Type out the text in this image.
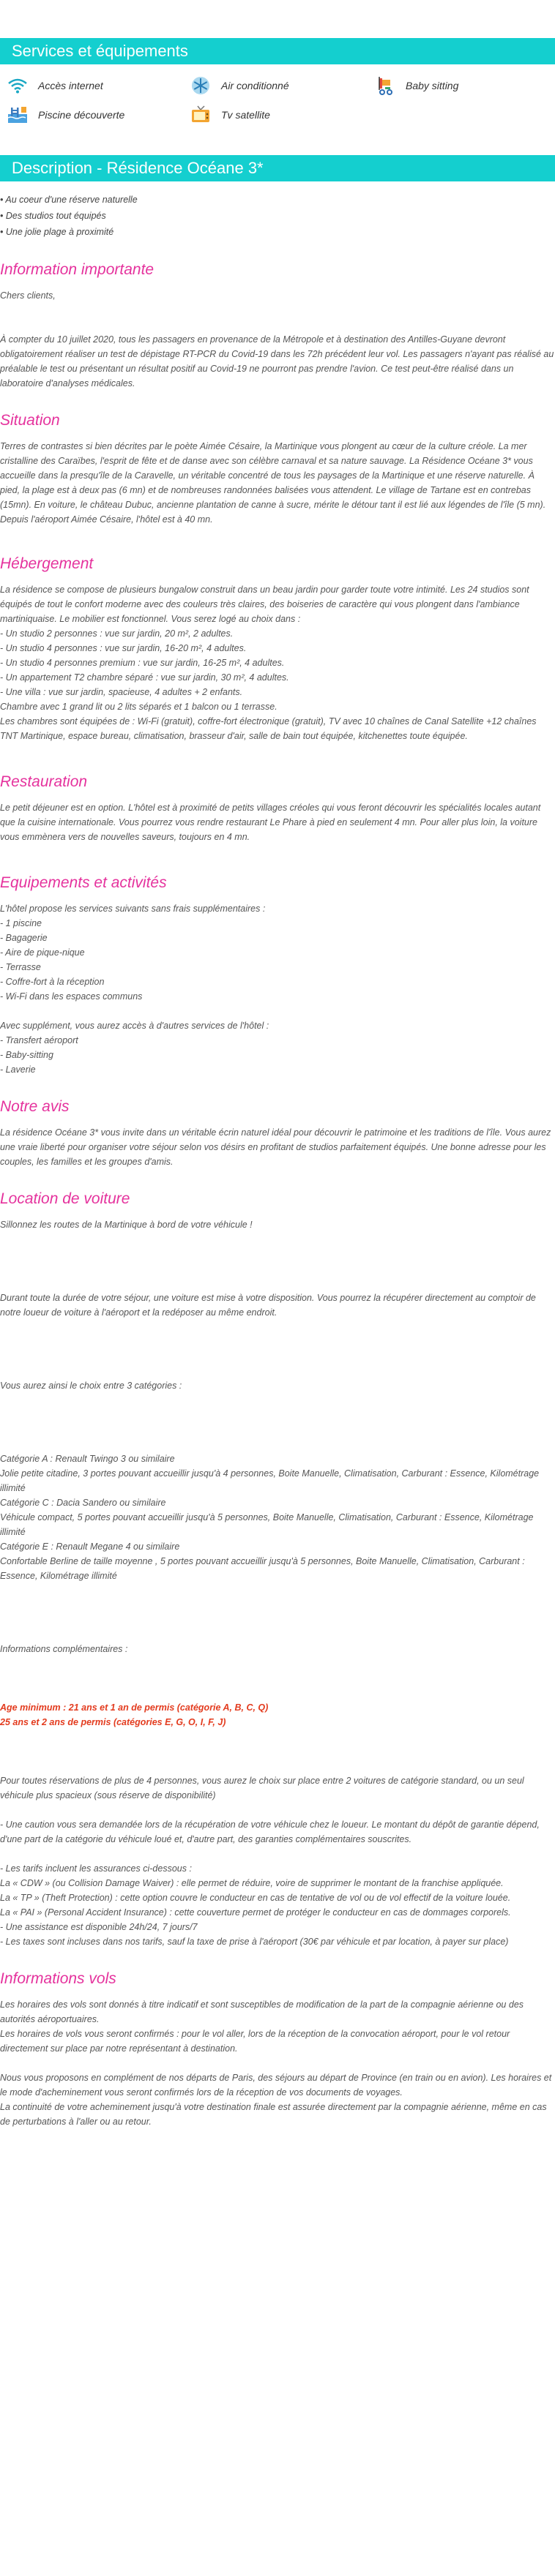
Services et équipements
Accès internet	Air conditionné	Baby sitting
Piscine découverte	Tv satellite
Description - Résidence Océane 3*
• Au coeur d'une réserve naturelle
• Des studios tout équipés
• Une jolie plage à proximité
Information importante
Chers clients,
À compter du 10 juillet 2020, tous les passagers en provenance de la Métropole et à destination des Antilles-Guyane devront obligatoirement réaliser un test de dépistage RT-PCR du Covid-19 dans les 72h précédent leur vol. Les passagers n'ayant pas réalisé au préalable le test ou présentant un résultat positif au Covid-19 ne pourront pas prendre l'avion. Ce test peut-être réalisé dans un laboratoire d'analyses médicales.
Situation
Terres de contrastes si bien décrites par le poète Aimée Césaire, la Martinique vous plongent au cœur de la culture créole. La mer cristalline des Caraïbes, l'esprit de fête et de danse avec son célèbre carnaval et sa nature sauvage. La Résidence Océane 3* vous accueille dans la presqu'île de la Caravelle, un véritable concentré de tous les paysages de la Martinique et une réserve naturelle. À pied, la plage est à deux pas (6 mn) et de nombreuses randonnées balisées vous attendent. Le village de Tartane est en contrebas (15mn). En voiture, le château Dubuc, ancienne plantation de canne à sucre, mérite le détour tant il est lié aux légendes de l'île (5 mn). Depuis l'aéroport Aimée Césaire, l'hôtel est à 40 mn.
Hébergement
La résidence se compose de plusieurs bungalow construit dans un beau jardin pour garder toute votre intimité. Les 24 studios sont équipés de tout le confort moderne avec des couleurs très claires, des boiseries de caractère qui vous plongent dans l'ambiance martiniquaise. Le mobilier est fonctionnel. Vous serez logé au choix dans :
- Un studio 2 personnes : vue sur jardin, 20 m², 2 adultes.
- Un studio 4 personnes : vue sur jardin, 16-20 m², 4 adultes.
- Un studio 4 personnes premium : vue sur jardin, 16-25 m², 4 adultes.
- Un appartement T2 chambre séparé : vue sur jardin, 30 m², 4 adultes.
- Une villa : vue sur jardin, spacieuse, 4 adultes + 2 enfants.
Chambre avec 1 grand lit ou 2 lits séparés et 1 balcon ou 1 terrasse.
Les chambres sont équipées de : Wi-Fi (gratuit), coffre-fort électronique (gratuit), TV avec 10 chaînes de Canal Satellite +12 chaînes TNT Martinique, espace bureau, climatisation, brasseur d'air, salle de bain tout équipée, kitchenettes toute équipée.
Restauration
Le petit déjeuner est en option. L'hôtel est à proximité de petits villages créoles qui vous feront découvrir les spécialités locales autant que la cuisine internationale. Vous pourrez vous rendre restaurant Le Phare à pied en seulement 4 mn. Pour aller plus loin, la voiture vous emmènera vers de nouvelles saveurs, toujours en 4 mn.
Equipements et activités
L'hôtel propose les services suivants sans frais supplémentaires :
- 1 piscine
- Bagagerie
- Aire de pique-nique
- Terrasse
- Coffre-fort à la réception
- Wi-Fi dans les espaces communs
Avec supplément, vous aurez accès à d'autres services de l'hôtel :
- Transfert aéroport
- Baby-sitting
- Laverie
Notre avis
La résidence Océane 3* vous invite dans un véritable écrin naturel idéal pour découvrir le patrimoine et les traditions de l'île. Vous aurez une vraie liberté pour organiser votre séjour selon vos désirs en profitant de studios parfaitement équipés. Une bonne adresse pour les couples, les familles et les groupes d'amis.
Location de voiture
Sillonnez les routes de la Martinique à bord de votre véhicule !
Durant toute la durée de votre séjour, une voiture est mise à votre disposition. Vous pourrez la récupérer directement au comptoir de notre loueur de voiture à l'aéroport et la redéposer au même endroit.
Vous aurez ainsi le choix entre 3 catégories :
Catégorie A : Renault Twingo 3 ou similaire
Jolie petite citadine, 3 portes pouvant accueillir jusqu'à 4 personnes, Boite Manuelle, Climatisation, Carburant : Essence, Kilométrage illimité
Catégorie C : Dacia Sandero ou similaire
Véhicule compact, 5 portes pouvant accueillir jusqu'à 5 personnes, Boite Manuelle, Climatisation, Carburant : Essence, Kilométrage illimité
Catégorie E : Renault Megane 4 ou similaire
Confortable Berline de taille moyenne , 5 portes pouvant accueillir jusqu'à 5 personnes, Boite Manuelle, Climatisation, Carburant : Essence, Kilométrage illimité
Informations complémentaires :
Age minimum : 21 ans et 1 an de permis (catégorie A, B, C, Q)
25 ans et 2 ans de permis (catégories E, G, O, I, F, J)
Pour toutes réservations de plus de 4 personnes, vous aurez le choix sur place entre 2 voitures de catégorie standard, ou un seul véhicule plus spacieux (sous réserve de disponibilité)
- Une caution vous sera demandée lors de la récupération de votre véhicule chez le loueur. Le montant du dépôt de garantie dépend, d'une part de la catégorie du véhicule loué et, d'autre part, des garanties complémentaires souscrites.
- Les tarifs incluent les assurances ci-dessous :
La « CDW » (ou Collision Damage Waiver) : elle permet de réduire, voire de supprimer le montant de la franchise appliquée.
La « TP » (Theft Protection) : cette option couvre le conducteur en cas de tentative de vol ou de vol effectif de la voiture louée.
La « PAI » (Personal Accident Insurance) : cette couverture permet de protéger le conducteur en cas de dommages corporels.
- Une assistance est disponible 24h/24, 7 jours/7
- Les taxes sont incluses dans nos tarifs, sauf la taxe de prise à l'aéroport (30€ par véhicule et par location, à payer sur place)
Informations vols
Les horaires des vols sont donnés à titre indicatif et sont susceptibles de modification de la part de la compagnie aérienne ou des autorités aéroportuaires.
Les horaires de vols vous seront confirmés : pour le vol aller, lors de la réception de la convocation aéroport, pour le vol retour directement sur place par notre représentant à destination.
Nous vous proposons en complément de nos départs de Paris, des séjours au départ de Province (en train ou en avion). Les horaires et le mode d'acheminement vous seront confirmés lors de la réception de vos documents de voyages.
La continuité de votre acheminement jusqu'à votre destination finale est assurée directement par la compagnie aérienne, même en cas de perturbations à l'aller ou au retour.
